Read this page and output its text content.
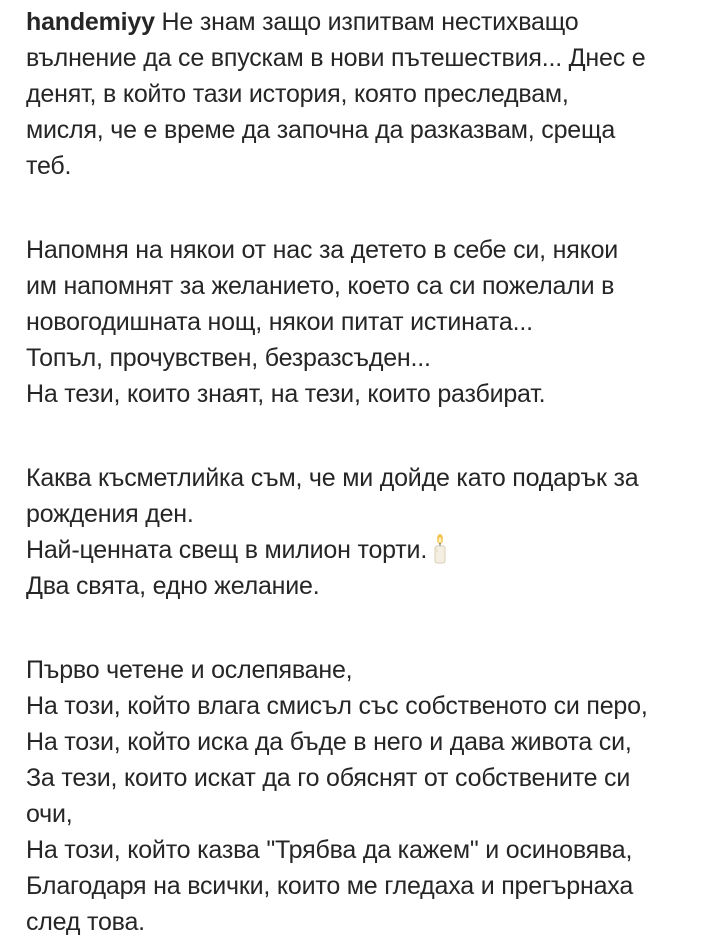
handemiyy Не знам защо изпитвам нестихващо
вълнение да се впускам в нови пътешествия... Днес е
денят, в който тази история, която преследвам,
мисля, че е време да започна да разказвам, среща
теб.
Напомня на някои от нас за детето в себе си, някои
им напомнят за желанието, което са си пожелали в
новогодишната нощ, някои питат истината...
Топъл, прочувствен, безразсъден...
На тези, които знаят, на тези, които разбират.
Каква късметлийка съм, че ми дойде като подарък за
рождения ден.
Най-ценната свещ в милион торти.
Два свята, едно желание.
Първо четене и ослепяване,
На този, който влага смисъл със собственото си перо,
На този, който иска да бъде в него и дава живота си,
За тези, които искат да го обяснят от собствените си
очи,
На този, който казва "Трябва да кажем" и осиновява,
Благодаря на всички, които ме гледаха и прегърнаха
след това.
